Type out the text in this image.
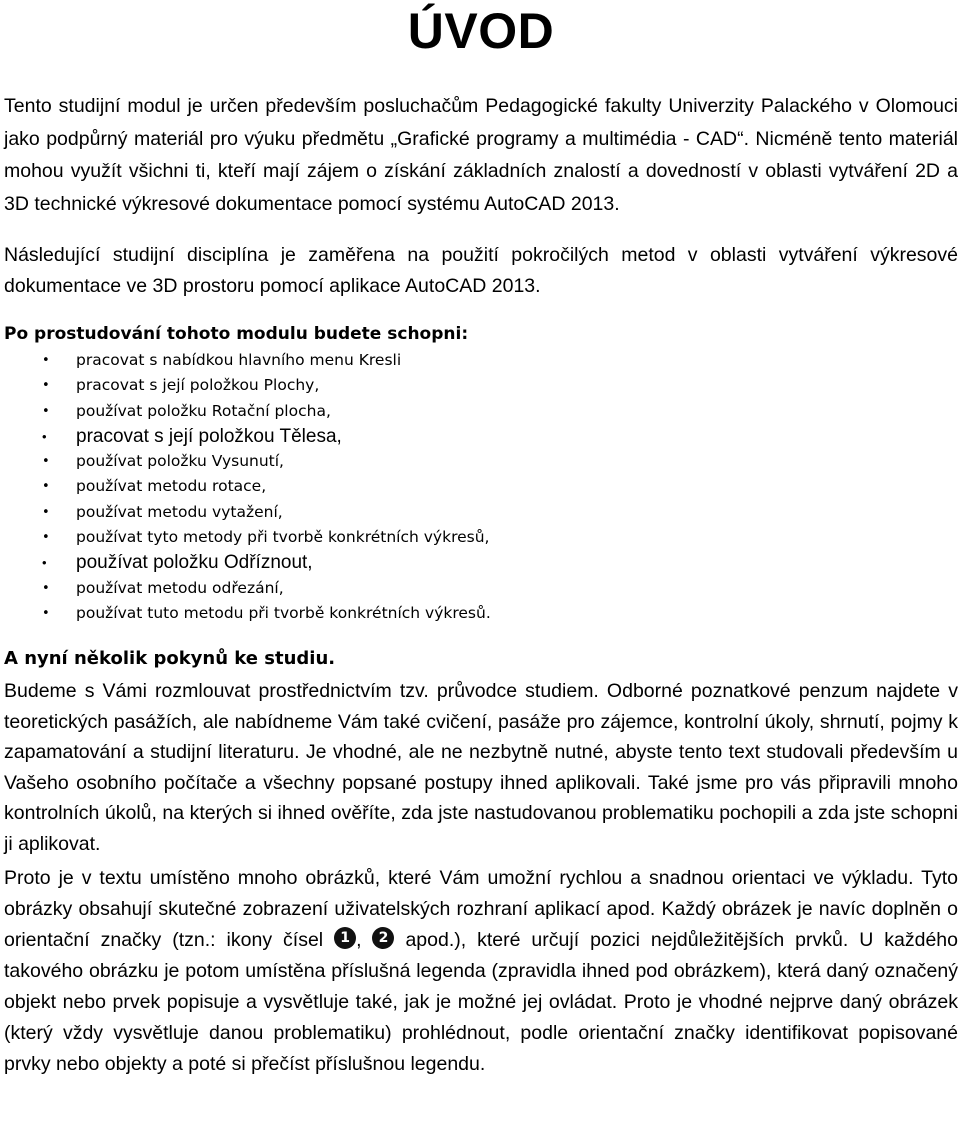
ÚVOD

Tento studijní modul je určen především posluchačům Pedagogické fakulty Univerzity Palackého v Olomouci jako podpůrný materiál pro výuku předmětu „Grafické programy a multimédia - CAD“. Nicméně tento materiál mohou využít všichni ti, kteří mají zájem o získání základních znalostí a dovedností v oblasti vytváření 2D a 3D technické výkresové dokumentace pomocí systému AutoCAD 2013.

Následující studijní disciplína je zaměřena na použití pokročilých metod v oblasti vytváření výkresové dokumentace ve 3D prostoru pomocí aplikace AutoCAD 2013.

Po prostudování tohoto modulu budete schopni:

• pracovat s nabídkou hlavního menu Kresli
• pracovat s její položkou Plochy,
• používat položku Rotační plocha,
• pracovat s její položkou Tělesa,
• používat položku Vysunutí,
• používat metodu rotace,
• používat metodu vytažení,
• používat tyto metody při tvorbě konkrétních výkresů,
• používat položku Odříznout,
• používat metodu odřezání,
• používat tuto metodu při tvorbě konkrétních výkresů.

A nyní několik pokynů ke studiu.

Budeme s Vámi rozmlouvat prostřednictvím tzv. průvodce studiem. Odborné poznatkové penzum najdete v teoretických pasážích, ale nabídneme Vám také cvičení, pasáže pro zájemce, kontrolní úkoly, shrnutí, pojmy k zapamatování a studijní literaturu. Je vhodné, ale ne nezbytně nutné, abyste tento text studovali především u Vašeho osobního počítače a všechny popsané postupy ihned aplikovali. Také jsme pro vás připravili mnoho kontrolních úkolů, na kterých si ihned ověříte, zda jste nastudovanou problematiku pochopili a zda jste schopni ji aplikovat.

Proto je v textu umístěno mnoho obrázků, které Vám umožní rychlou a snadnou orientaci ve výkladu. Tyto obrázky obsahují skutečné zobrazení uživatelských rozhraní aplikací apod. Každý obrázek je navíc doplněn o orientační značky (tzn.: ikony čísel 1 , 2 apod.), které určují pozici nejdůležitějších prvků. U každého takového obrázku je potom umístěna příslušná legenda (zpravidla ihned pod obrázkem), která daný označený objekt nebo prvek popisuje a vysvětluje také, jak je možné jej ovládat. Proto je vhodné nejprve daný obrázek (který vždy vysvětluje danou problematiku) prohlédnout, podle orientační značky identifikovat popisované prvky nebo objekty a poté si přečíst příslušnou legendu.
